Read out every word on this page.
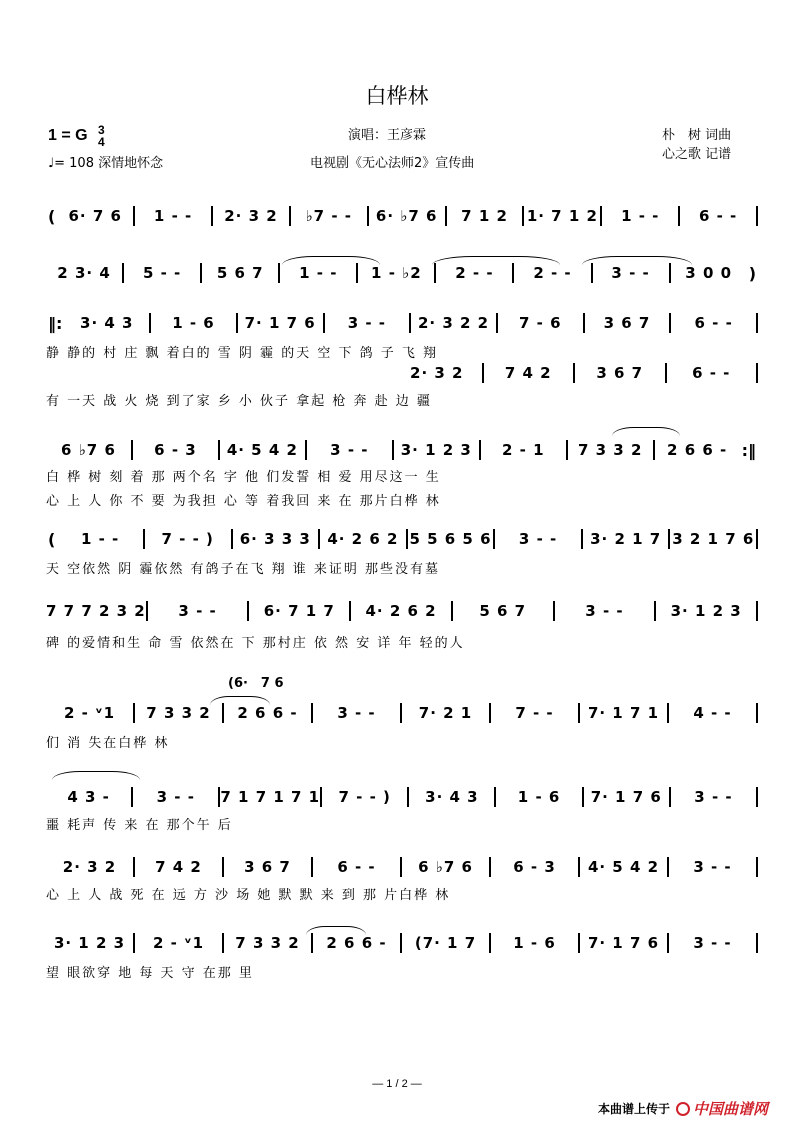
白桦林
1 = G 3
4
♩= 108 深情地怀念
演唱：王彦霖
电视剧《无心法师2》宣传曲
朴　树 词曲
心之歌 记谱
( 6· 7 6	1 - -	2· 3 2	♭7 - -	6· ♭7 6	7 1 2	1· 7 1 2	1 - -	6 - -
2 3· 4	5 - -	5 6 7	1 - -	1 - ♭2	2 - -	2 - -	3 - -	3 0 0	)
‖:	3· 4 3	1 - 6	7· 1 7 6	3 - -	2· 3 2 2	7 - 6	3 6 7	6 - -
2· 3 2	7 4 2	3 6 7	6 - -
6 ♭7 6	6 - 3	4· 5 4 2	3 - -	3· 1 2 3	2 - 1	7 3 3 2	2 6 6 - :‖
(	1 - -	7 - - )	6· 3 3 3	4· 2 6 2 5 5 6 5 6	3 - -	3· 2 1 7 3 2 1 7 6
7 7 7 2 3 2	3 - -	6· 7 1 7	4· 2 6 2	5 6 7	3 - -	3· 1 2 3
2 - ᵛ1	7 3 3 2	2 6 6 -	3 - -	7· 2 1	7 - -	7· 1 7 1	4 - -
4 3 -	3 - -	7 1 7 1 7 1	7 - - )	3· 4 3	1 - 6	7· 1 7 6	3 - -
2· 3 2	7 4 2	3 6 7	6 - -	6 ♭7 6	6 - 3	4· 5 4 2	3 - -
3· 1 2 3	2 - ᵛ1	7 3 3 2	2 6 6 -	(7· 1 7	1 - 6	7· 1 7 6	3 - -
(6·　7 6
静 静的 村 庄 飘 着白的 雪 阴 霾 的天 空 下 鸽 子 飞 翔
有 一天 战 火 烧 到了家 乡 小 伙子 拿起 枪 奔 赴 边 疆
白 桦 树 刻 着 那 两个名 字 他 们发誓 相 爱 用尽这一 生
心 上 人 你 不 要 为我担 心 等 着我回 来 在 那片白桦 林
天 空依然 阴 霾依然 有鸽子在飞 翔 谁 来证明 那些没有墓
碑 的爱情和生 命 雪 依然在 下 那村庄 依 然 安 详 年 轻的人
们 消 失在白桦 林
噩 耗声 传 来 在 那个午 后
心 上 人 战 死 在 远 方 沙 场 她 默 默 来 到 那 片白桦 林
望 眼欲穿 地 每 天 守 在那 里
— 1 / 2 —
本曲谱上传于 中国曲谱网
